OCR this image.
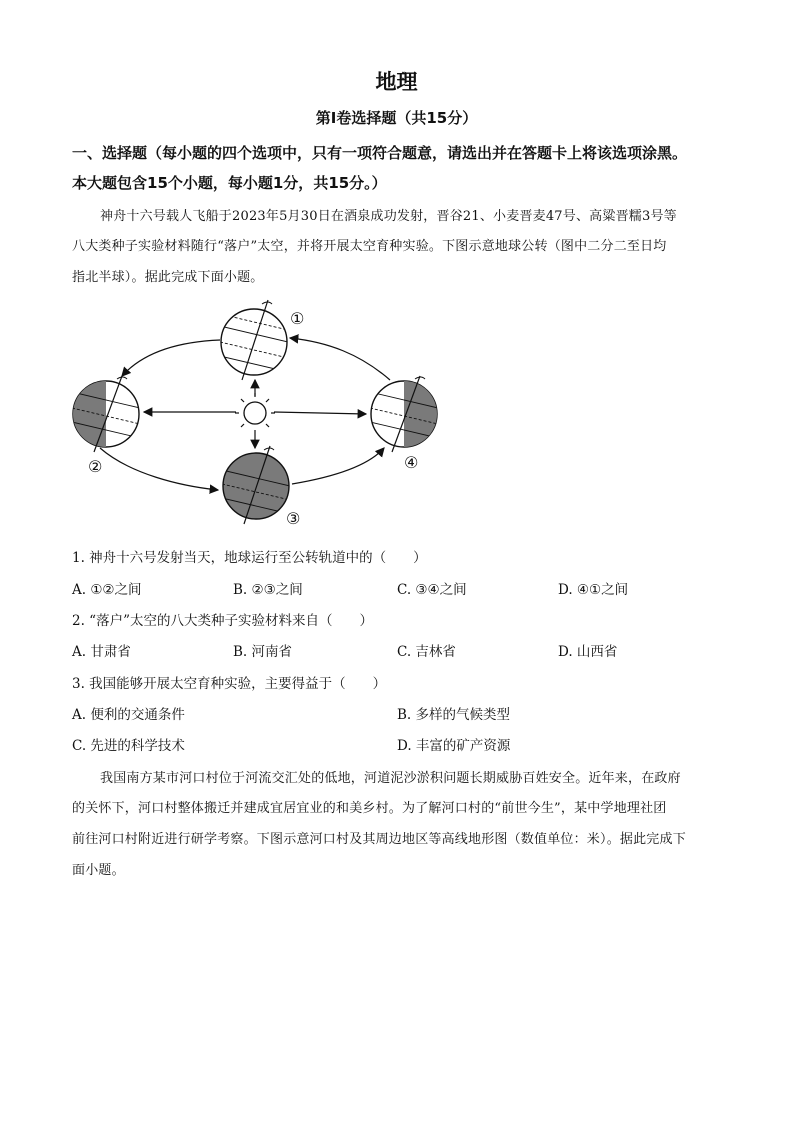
地理
第Ⅰ卷选择题（共15分）
一、选择题（每小题的四个选项中，只有一项符合题意，请选出并在答题卡上将该选项涂黑。
本大题包含15个小题，每小题1分，共15分。）
神舟十六号载人飞船于2023年5月30日在酒泉成功发射，晋谷21、小麦晋麦47号、高粱晋糯3号等
八大类种子实验材料随行“落户”太空，并将开展太空育种实验。下图示意地球公转（图中二分二至日均
指北半球）。据此完成下面小题。
①
②
③
④
1. 神舟十六号发射当天，地球运行至公转轨道中的（　　）
A. ①②之间	B. ②③之间	C. ③④之间	D. ④①之间
2. “落户”太空的八大类种子实验材料来自（　　）
A. 甘肃省	B. 河南省	C. 吉林省	D. 山西省
3. 我国能够开展太空育种实验，主要得益于（　　）
A. 便利的交通条件	B. 多样的气候类型
C. 先进的科学技术	D. 丰富的矿产资源
我国南方某市河口村位于河流交汇处的低地，河道泥沙淤积问题长期威胁百姓安全。近年来，在政府
的关怀下，河口村整体搬迁并建成宜居宜业的和美乡村。为了解河口村的“前世今生”，某中学地理社团
前往河口村附近进行研学考察。下图示意河口村及其周边地区等高线地形图（数值单位：米）。据此完成下
面小题。
